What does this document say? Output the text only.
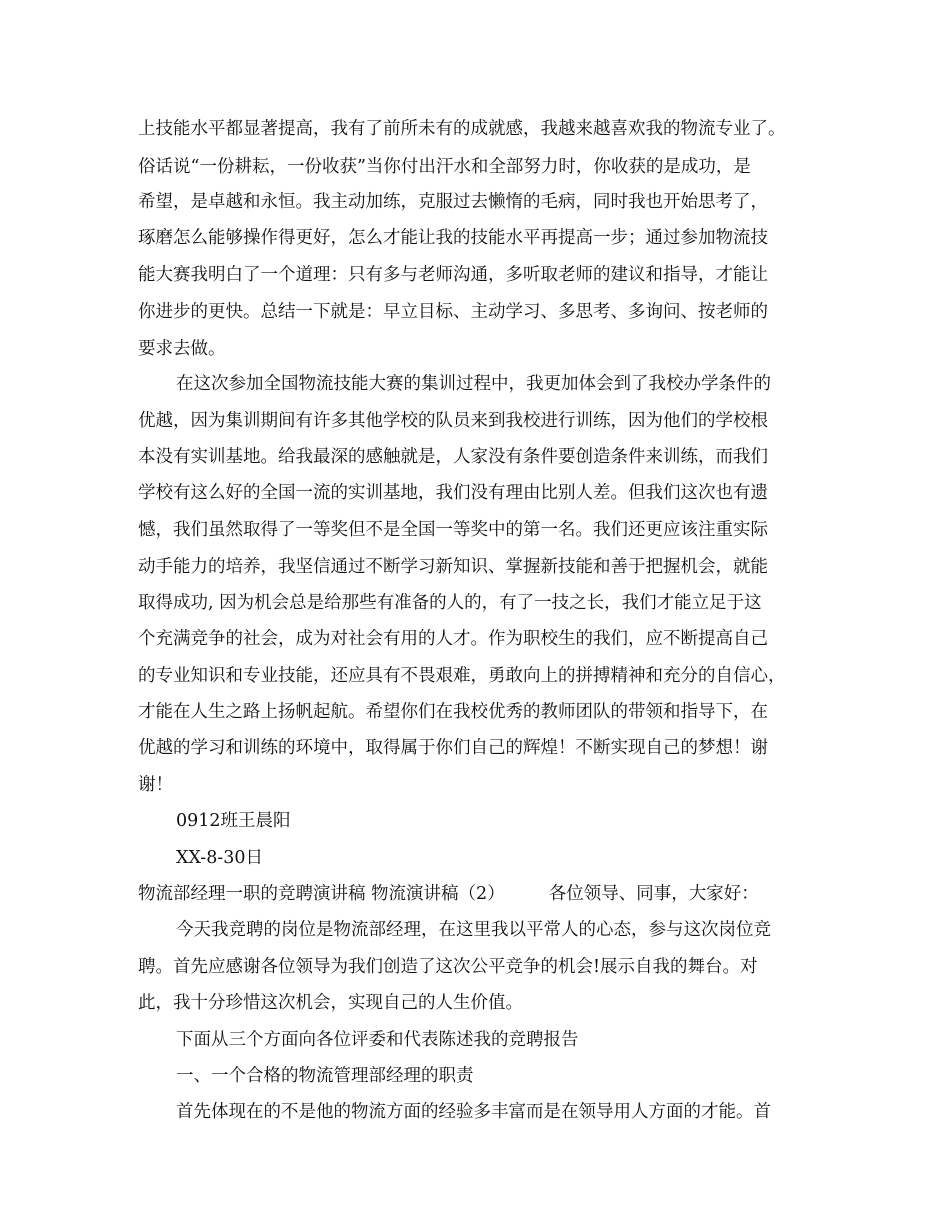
上技能水平都显著提高，我有了前所未有的成就感，我越来越喜欢我的物流专业了。
俗话说“一份耕耘，一份收获”当你付出汗水和全部努力时，你收获的是成功，是
希望，是卓越和永恒。我主动加练，克服过去懒惰的毛病，同时我也开始思考了，
琢磨怎么能够操作得更好，怎么才能让我的技能水平再提高一步；通过参加物流技
能大赛我明白了一个道理：只有多与老师沟通，多听取老师的建议和指导，才能让
你进步的更快。总结一下就是：早立目标、主动学习、多思考、多询问、按老师的
要求去做。
在这次参加全国物流技能大赛的集训过程中，我更加体会到了我校办学条件的
优越，因为集训期间有许多其他学校的队员来到我校进行训练，因为他们的学校根
本没有实训基地。给我最深的感触就是，人家没有条件要创造条件来训练，而我们
学校有这么好的全国一流的实训基地，我们没有理由比别人差。但我们这次也有遗
憾，我们虽然取得了一等奖但不是全国一等奖中的第一名。我们还更应该注重实际
动手能力的培养，我坚信通过不断学习新知识、掌握新技能和善于把握机会，就能
取得成功, 因为机会总是给那些有准备的人的，有了一技之长，我们才能立足于这
个充满竞争的社会，成为对社会有用的人才。作为职校生的我们，应不断提高自己
的专业知识和专业技能，还应具有不畏艰难，勇敢向上的拼搏精神和充分的自信心，
才能在人生之路上扬帆起航。希望你们在我校优秀的教师团队的带领和指导下，在
优越的学习和训练的环境中，取得属于你们自己的辉煌！不断实现自己的梦想！谢
谢！
0912班王晨阳
XX-8-30日
物流部经理一职的竞聘演讲稿 物流演讲稿（2）	各位领导、同事，大家好：
今天我竞聘的岗位是物流部经理，在这里我以平常人的心态，参与这次岗位竞
聘。首先应感谢各位领导为我们创造了这次公平竞争的机会!展示自我的舞台。对
此，我十分珍惜这次机会，实现自己的人生价值。
下面从三个方面向各位评委和代表陈述我的竞聘报告
一、一个合格的物流管理部经理的职责
首先体现在的不是他的物流方面的经验多丰富而是在领导用人方面的才能。首
